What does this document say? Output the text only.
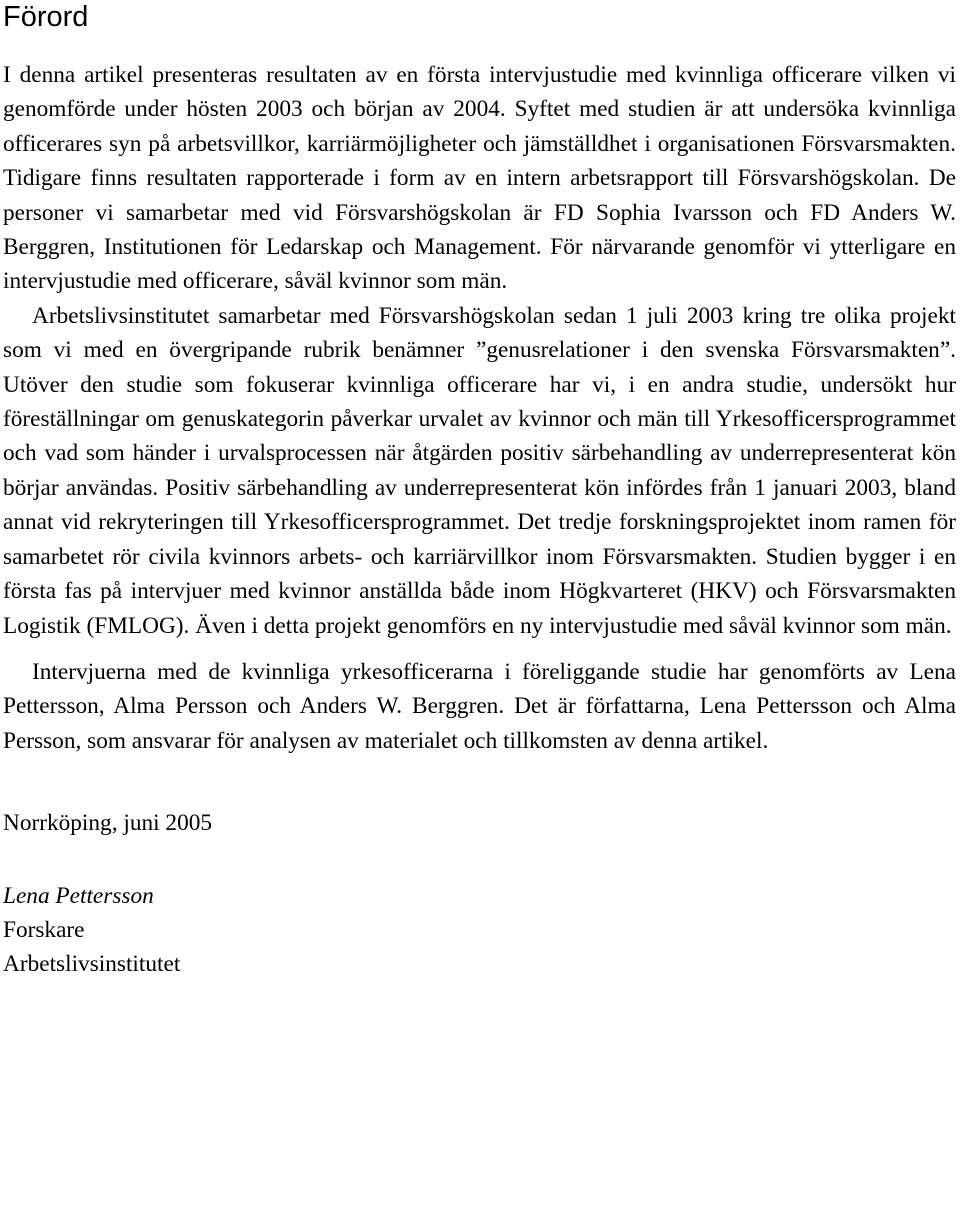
Förord

I denna artikel presenteras resultaten av en första intervjustudie med kvinnliga officerare vilken vi genomförde under hösten 2003 och början av 2004. Syftet med studien är att undersöka kvinnliga officerares syn på arbetsvillkor, karriärmöjligheter och jämställdhet i organisationen Försvarsmakten. Tidigare finns resultaten rapporterade i form av en intern arbetsrapport till Försvarshögskolan. De personer vi samarbetar med vid Försvarshögskolan är FD Sophia Ivarsson och FD Anders W. Berggren, Institutionen för Ledarskap och Management. För närvarande genomför vi ytterligare en intervjustudie med officerare, såväl kvinnor som män.

Arbetslivsinstitutet samarbetar med Försvarshögskolan sedan 1 juli 2003 kring tre olika projekt som vi med en övergripande rubrik benämner ”genusrelationer i den svenska Försvarsmakten”. Utöver den studie som fokuserar kvinnliga officerare har vi, i en andra studie, undersökt hur föreställningar om genuskategorin påverkar urvalet av kvinnor och män till Yrkesofficersprogrammet och vad som händer i urvalsprocessen när åtgärden positiv särbehandling av underrepresenterat kön börjar användas. Positiv särbehandling av underrepresenterat kön infördes från 1 januari 2003, bland annat vid rekryteringen till Yrkesofficersprogrammet. Det tredje forskningsprojektet inom ramen för samarbetet rör civila kvinnors arbets- och karriärvillkor inom Försvarsmakten. Studien bygger i en första fas på intervjuer med kvinnor anställda både inom Högkvarteret (HKV) och Försvarsmakten Logistik (FMLOG). Även i detta projekt genomförs en ny intervjustudie med såväl kvinnor som män.

Intervjuerna med de kvinnliga yrkesofficerarna i föreliggande studie har genomförts av Lena Pettersson, Alma Persson och Anders W. Berggren. Det är författarna, Lena Pettersson och Alma Persson, som ansvarar för analysen av materialet och tillkomsten av denna artikel.

Norrköping, juni 2005

Lena Pettersson

Forskare

Arbetslivsinstitutet
